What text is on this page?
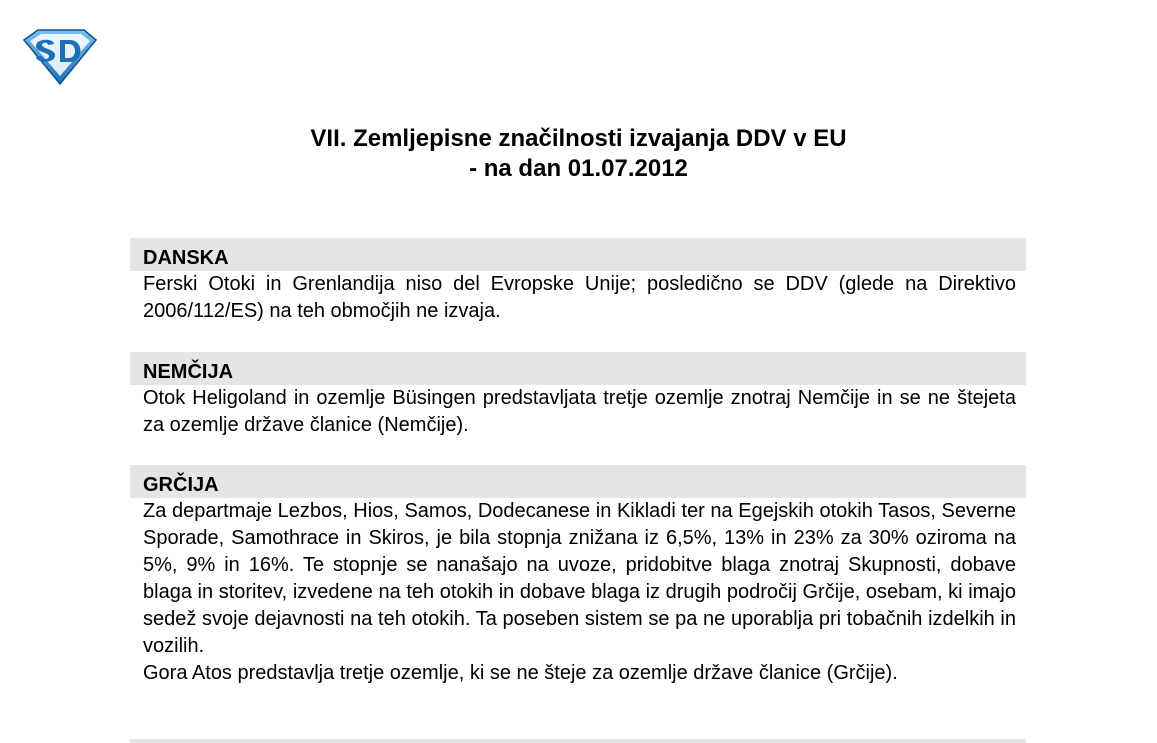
VII. Zemljepisne značilnosti izvajanja DDV v EU
- na dan 01.07.2012
DANSKA

Ferski Otoki in Grenlandija niso del Evropske Unije; posledično se DDV (glede na Direktivo 2006/112/ES) na teh območjih ne izvaja.

NEMČIJA

Otok Heligoland in ozemlje Büsingen predstavljata tretje ozemlje znotraj Nemčije in se ne štejeta za ozemlje države članice (Nemčije).

GRČIJA

Za departmaje Lezbos, Hios, Samos, Dodecanese in Kikladi ter na Egejskih otokih Tasos, Severne Sporade, Samothrace in Skiros, je bila stopnja znižana iz 6,5%, 13% in 23% za 30% oziroma na 5%, 9% in 16%. Te stopnje se nanašajo na uvoze, pridobitve blaga znotraj Skupnosti, dobave blaga in storitev, izvedene na teh otokih in dobave blaga iz drugih področij Grčije, osebam, ki imajo sedež svoje dejavnosti na teh otokih. Ta poseben sistem se pa ne uporablja pri tobačnih izdelkih in vozilih.

Gora Atos predstavlja tretje ozemlje, ki se ne šteje za ozemlje države članice (Grčije).
